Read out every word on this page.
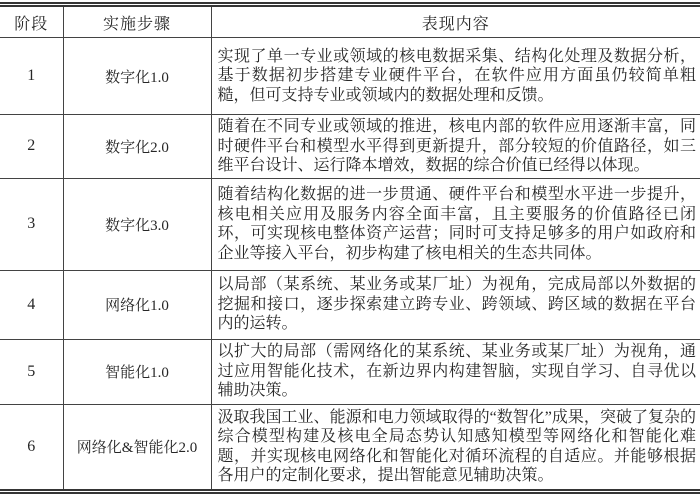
阶段	实施步骤	表现内容
1	数字化1.0	实现了单一专业或领域的核电数据采集、结构化处理及数据分析，基于数据初步搭建专业硬件平台，在软件应用方面虽仍较简单粗糙，但可支持专业或领域内的数据处理和反馈。
2	数字化2.0	随着在不同专业或领域的推进，核电内部的软件应用逐渐丰富，同时硬件平台和模型水平得到更新提升，部分较短的价值路径，如三维平台设计、运行降本增效，数据的综合价值已经得以体现。
3	数字化3.0	随着结构化数据的进一步贯通、硬件平台和模型水平进一步提升，核电相关应用及服务内容全面丰富，且主要服务的价值路径已闭环，可实现核电整体资产运营；同时可支持足够多的用户如政府和企业等接入平台，初步构建了核电相关的生态共同体。
4	网络化1.0	以局部（某系统、某业务或某厂址）为视角，完成局部以外数据的挖掘和接口，逐步探索建立跨专业、跨领域、跨区域的数据在平台内的运转。
5	智能化1.0	以扩大的局部（需网络化的某系统、某业务或某厂址）为视角，通过应用智能化技术，在新边界内构建智脑，实现自学习、自寻优以辅助决策。
6	网络化&智能化2.0	汲取我国工业、能源和电力领域取得的“数智化”成果，突破了复杂的综合模型构建及核电全局态势认知感知模型等网络化和智能化难题，并实现核电网络化和智能化对循环流程的自适应。并能够根据各用户的定制化要求，提出智能意见辅助决策。
